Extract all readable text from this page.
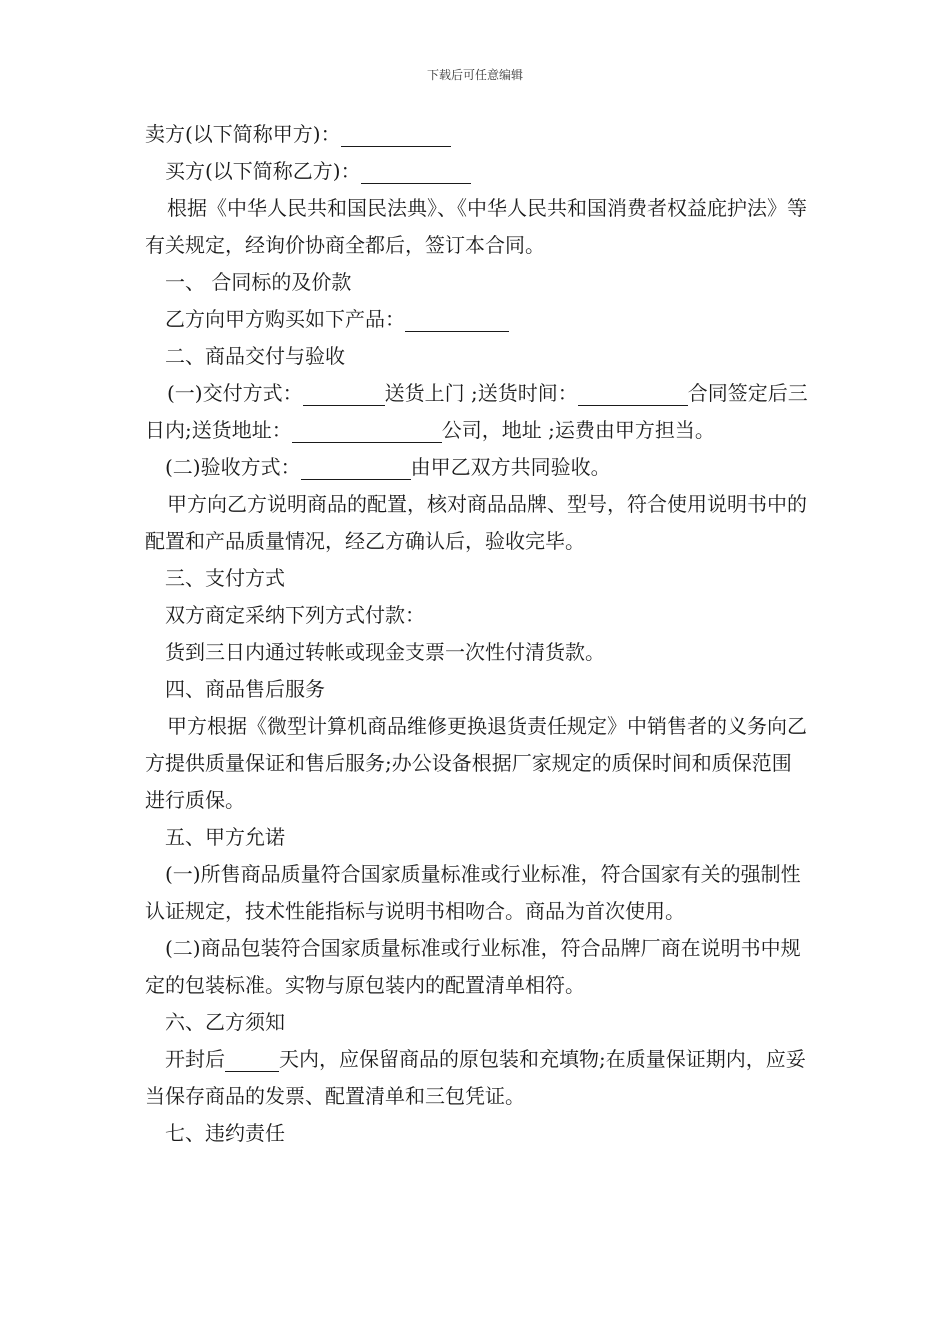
下载后可任意编辑

卖方(以下简称甲方)：

买方(以下简称乙方)：

根据《中华人民共和国民法典》、《中华人民共和国消费者权益庇护法》等有关规定，经询价协商全都后，签订本合同。

一、 合同标的及价款

乙方向甲方购买如下产品：

二、商品交付与验收

(一)交付方式：	送货上门 ;送货时间：	合同签定后三日内;送货地址：	公司，地址 ;运费由甲方担当。

(二)验收方式：	由甲乙双方共同验收。

甲方向乙方说明商品的配置，核对商品品牌、型号，符合使用说明书中的配置和产品质量情况，经乙方确认后，验收完毕。

三、支付方式

双方商定采纳下列方式付款：

货到三日内通过转帐或现金支票一次性付清货款。

四、商品售后服务

甲方根据《微型计算机商品维修更换退货责任规定》中销售者的义务向乙方提供质量保证和售后服务;办公设备根据厂家规定的质保时间和质保范围进行质保。

五、甲方允诺

(一)所售商品质量符合国家质量标准或行业标准，符合国家有关的强制性认证规定，技术性能指标与说明书相吻合。商品为首次使用。

(二)商品包装符合国家质量标准或行业标准，符合品牌厂商在说明书中规定的包装标准。实物与原包装内的配置清单相符。

六、乙方须知

开封后	天内，应保留商品的原包装和充填物;在质量保证期内，应妥当保存商品的发票、配置清单和三包凭证。

七、违约责任
